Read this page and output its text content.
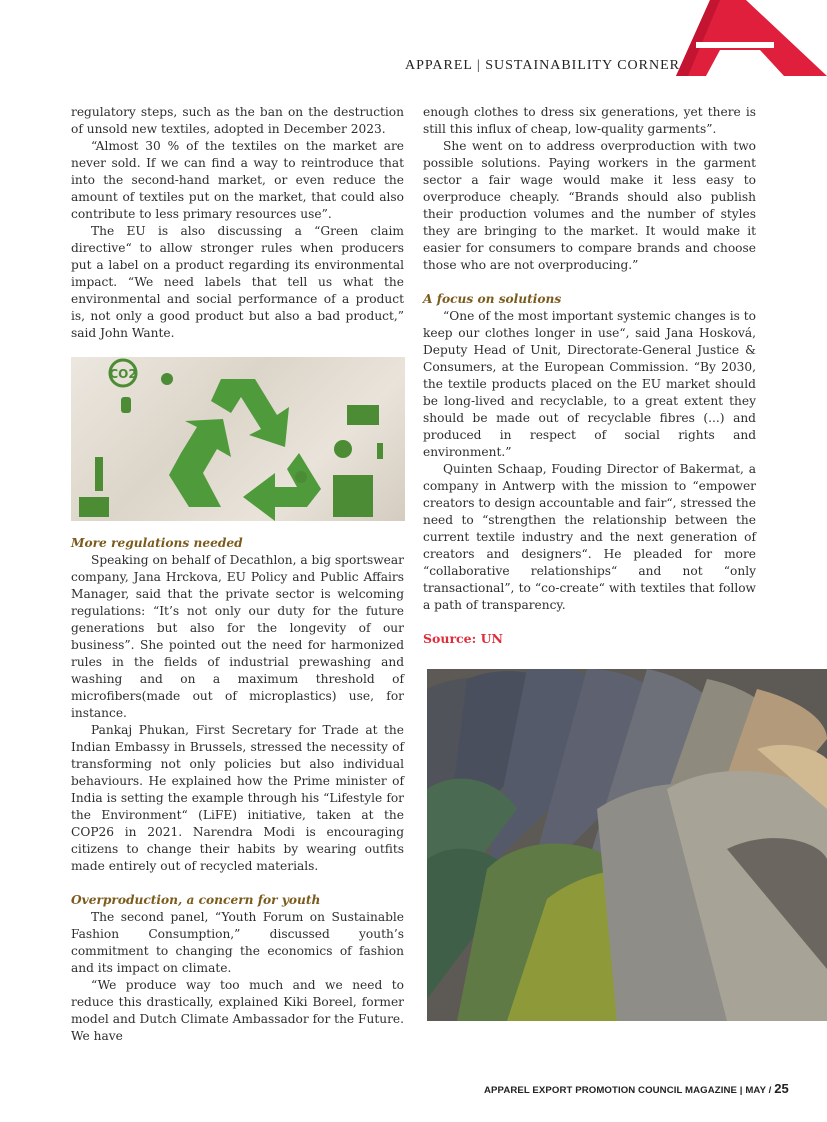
APPAREL | SUSTAINABILITY CORNER

regulatory steps, such as the ban on the destruction of unsold new textiles, adopted in December 2023.

“Almost 30 % of the textiles on the market are never sold. If we can find a way to reintroduce that into the second-hand market, or even reduce the amount of textiles put on the market, that could also contribute to less primary resources use”.

The EU is also discussing a “Green claim directive“ to allow stronger rules when producers put a label on a product regarding its environmental impact. “We need labels that tell us what the environmental and social performance of a product is, not only a good product but also a bad product,” said John Wante.

CO2
More regulations needed

Speaking on behalf of Decathlon, a big sportswear company, Jana Hrckova, EU Policy and Public Affairs Manager, said that the private sector is welcoming regulations: “It’s not only our duty for the future generations but also for the longevity of our business”. She pointed out the need for harmonized rules in the fields of industrial prewashing and washing and on a maximum threshold of microfibers(made out of microplastics) use, for instance.

Pankaj Phukan, First Secretary for Trade at the Indian Embassy in Brussels, stressed the necessity of transforming not only policies but also individual behaviours. He explained how the Prime minister of India is setting the example through his “Lifestyle for the Environment“ (LiFE) initiative, taken at the COP26 in 2021. Narendra Modi is encouraging citizens to change their habits by wearing outfits made entirely out of recycled materials.

Overproduction, a concern for youth

The second panel, “Youth Forum on Sustainable Fashion Consumption,” discussed youth’s commitment to changing the economics of fashion and its impact on climate.

“We produce way too much and we need to reduce this drastically, explained Kiki Boreel, former model and Dutch Climate Ambassador for the Future. We have

enough clothes to dress six generations, yet there is still this influx of cheap, low-quality garments”.

She went on to address overproduction with two possible solutions. Paying workers in the garment sector a fair wage would make it less easy to overproduce cheaply. “Brands should also publish their production volumes and the number of styles they are bringing to the market. It would make it easier for consumers to compare brands and choose those who are not overproducing.”

A focus on solutions

“One of the most important systemic changes is to keep our clothes longer in use“, said Jana Hosková, Deputy Head of Unit, Directorate-General Justice & Consumers, at the European Commission. “By 2030, the textile products placed on the EU market should be long-lived and recyclable, to a great extent they should be made out of recyclable fibres (...) and produced in respect of social rights and environment.”

Quinten Schaap, Fouding Director of Bakermat, a company in Antwerp with the mission to “empower creators to design accountable and fair“, stressed the need to “strengthen the relationship between the current textile industry and the next generation of creators and designers“. He pleaded for more “collaborative relationships“ and not “only transactional”, to “co-create“ with textiles that follow a path of transparency.

Source: UN
APPAREL EXPORT PROMOTION COUNCIL MAGAZINE | MAY / 25
